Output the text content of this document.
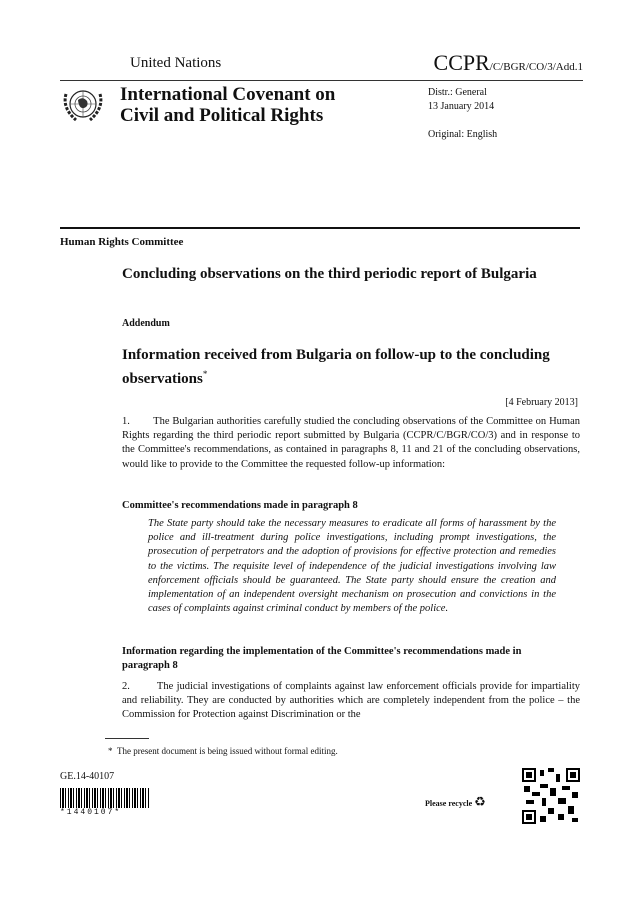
United Nations	CCPR/C/BGR/CO/3/Add.1
International Covenant on
Civil and Political Rights
Distr.: General
13 January 2014
Original: English
Human Rights Committee
Concluding observations on the third periodic report of Bulgaria
Addendum
Information received from Bulgaria on follow-up to the concluding observations*
[4 February 2013]
1.        The Bulgarian authorities carefully studied the concluding observations of the Committee on Human Rights regarding the third periodic report submitted by Bulgaria (CCPR/C/BGR/CO/3) and in response to the Committee's recommendations, as contained in paragraphs 8, 11 and 21 of the concluding observations, would like to provide to the Committee the requested follow-up information:
Committee's recommendations made in paragraph 8
The State party should take the necessary measures to eradicate all forms of harassment by the police and ill-treatment during police investigations, including prompt investigations, the prosecution of perpetrators and the adoption of provisions for effective protection and remedies to the victims. The requisite level of independence of the judicial investigations involving law enforcement officials should be guaranteed. The State party should ensure the creation and implementation of an independent oversight mechanism on prosecution and convictions in the cases of complaints against criminal conduct by members of the police.
Information regarding the implementation of the Committee's recommendations made in paragraph 8
2.        The judicial investigations of complaints against law enforcement officials provide for impartiality and reliability. They are conducted by authorities which are completely independent from the police – the Commission for Protection against Discrimination or the
*  The present document is being issued without formal editing.
GE.14-40107
*1440107*
Please recycle ♻
